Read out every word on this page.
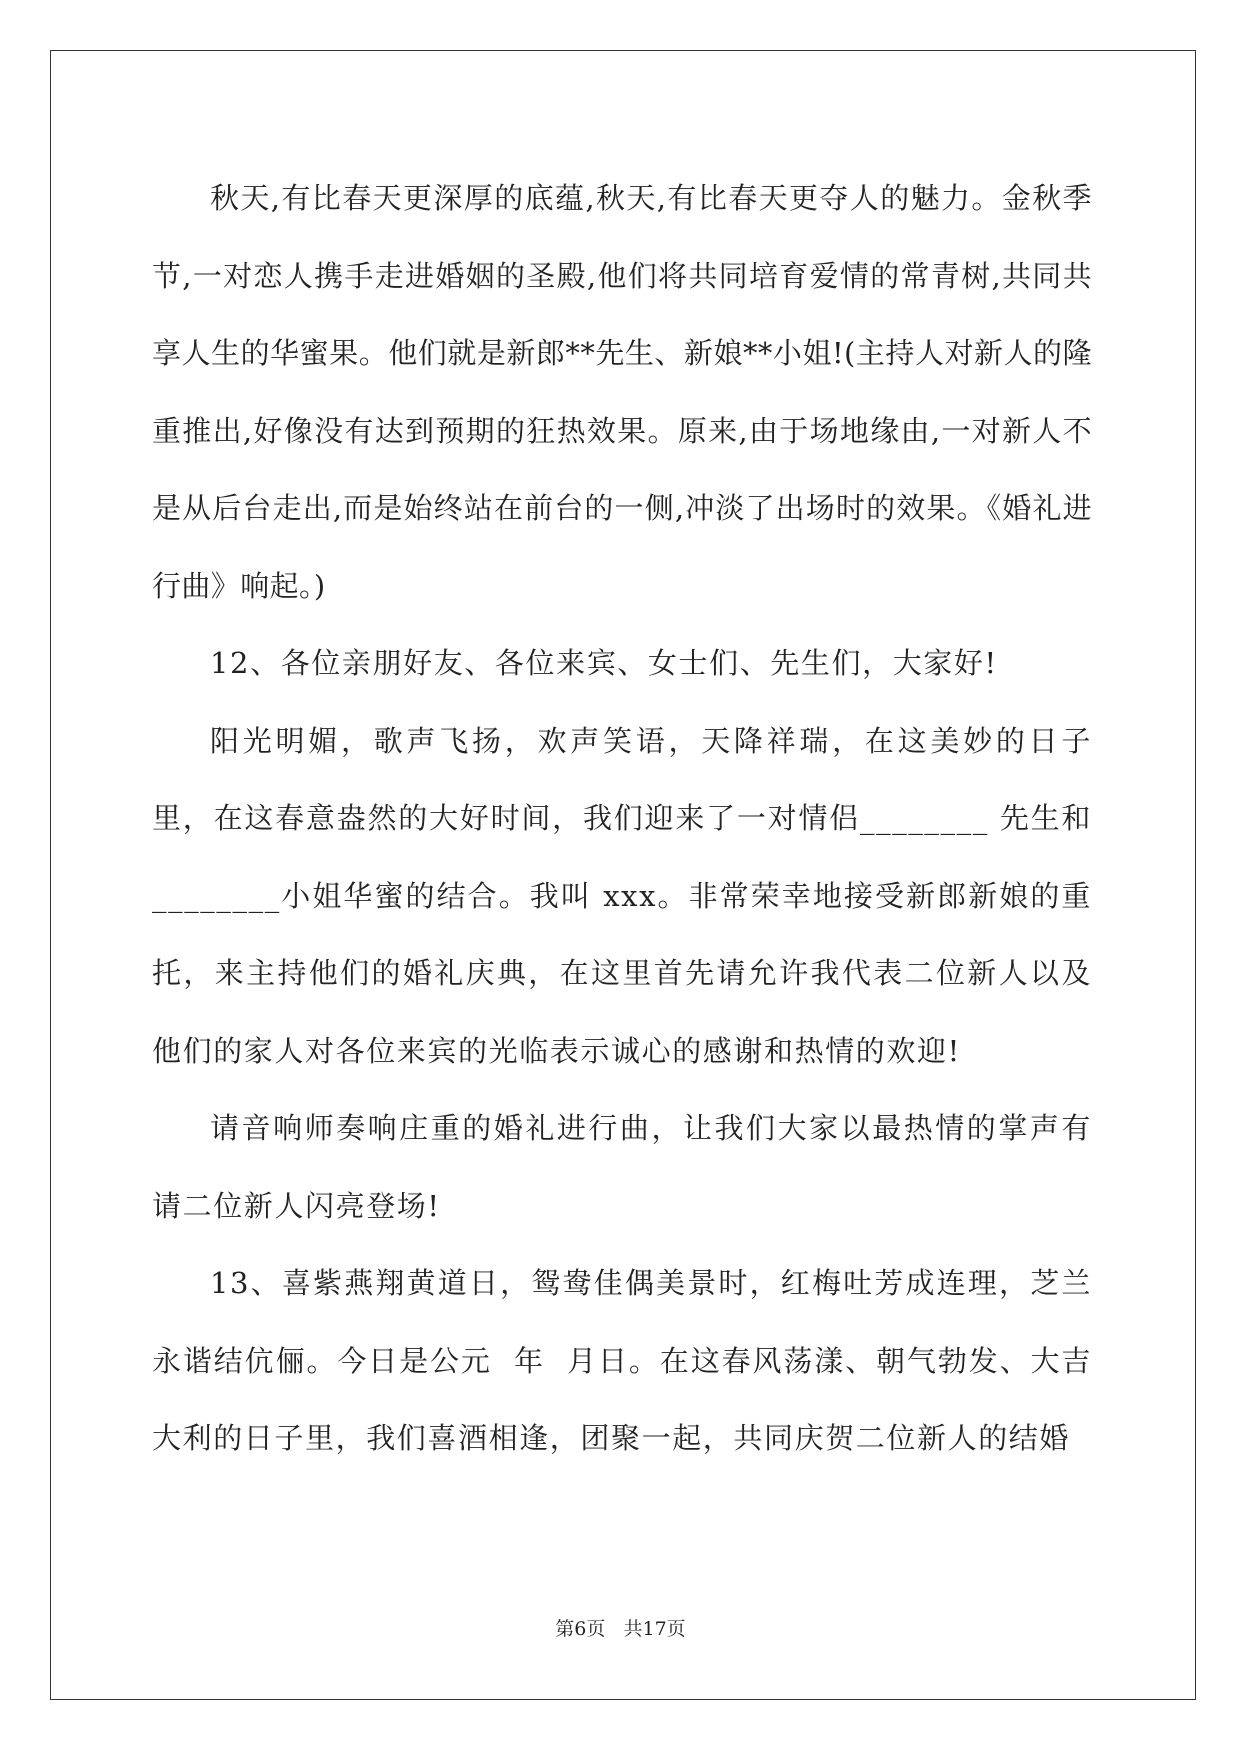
秋天,有比春天更深厚的底蕴,秋天,有比春天更夺人的魅力。金秋季节,一对恋人携手走进婚姻的圣殿,他们将共同培育爱情的常青树,共同共享人生的华蜜果。他们就是新郎**先生、新娘**小姐!(主持人对新人的隆重推出,好像没有达到预期的狂热效果。原来,由于场地缘由,一对新人不是从后台走出,而是始终站在前台的一侧,冲淡了出场时的效果。《婚礼进行曲》响起。)

12、各位亲朋好友、各位来宾、女士们、先生们，大家好!

阳光明媚，歌声飞扬，欢声笑语，天降祥瑞，在这美妙的日子里，在这春意盎然的大好时间，我们迎来了一对情侣________ 先生和________小姐华蜜的结合。我叫 xxx。非常荣幸地接受新郎新娘的重托，来主持他们的婚礼庆典，在这里首先请允许我代表二位新人以及他们的家人对各位来宾的光临表示诚心的感谢和热情的欢迎!

请音响师奏响庄重的婚礼进行曲，让我们大家以最热情的掌声有请二位新人闪亮登场!

13、喜紫燕翔黄道日，鸳鸯佳偶美景时，红梅吐芳成连理，芝兰永谐结伉俪。今日是公元  年  月日。在这春风荡漾、朝气勃发、大吉大利的日子里，我们喜酒相逢，团聚一起，共同庆贺二位新人的结婚

第6页   共17页
